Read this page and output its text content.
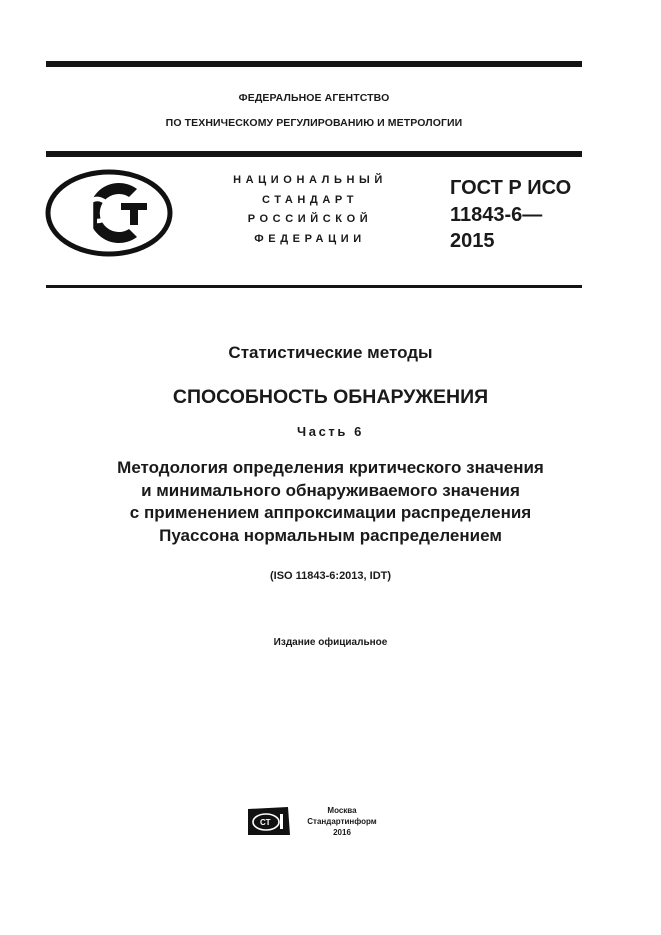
ФЕДЕРАЛЬНОЕ АГЕНТСТВО
ПО ТЕХНИЧЕСКОМУ РЕГУЛИРОВАНИЮ И МЕТРОЛОГИИ
НАЦИОНАЛЬНЫЙ
СТАНДАРТ
РОССИЙСКОЙ
ФЕДЕРАЦИИ
ГОСТ Р ИСО
11843-6—
2015
Статистические методы
СПОСОБНОСТЬ ОБНАРУЖЕНИЯ
Часть 6
Методология определения критического значения
и минимального обнаруживаемого значения
с применением аппроксимации распределения
Пуассона нормальным распределением
(ISO 11843-6:2013, IDT)
Издание официальное
СТ
Москва
Стандартинформ
2016
